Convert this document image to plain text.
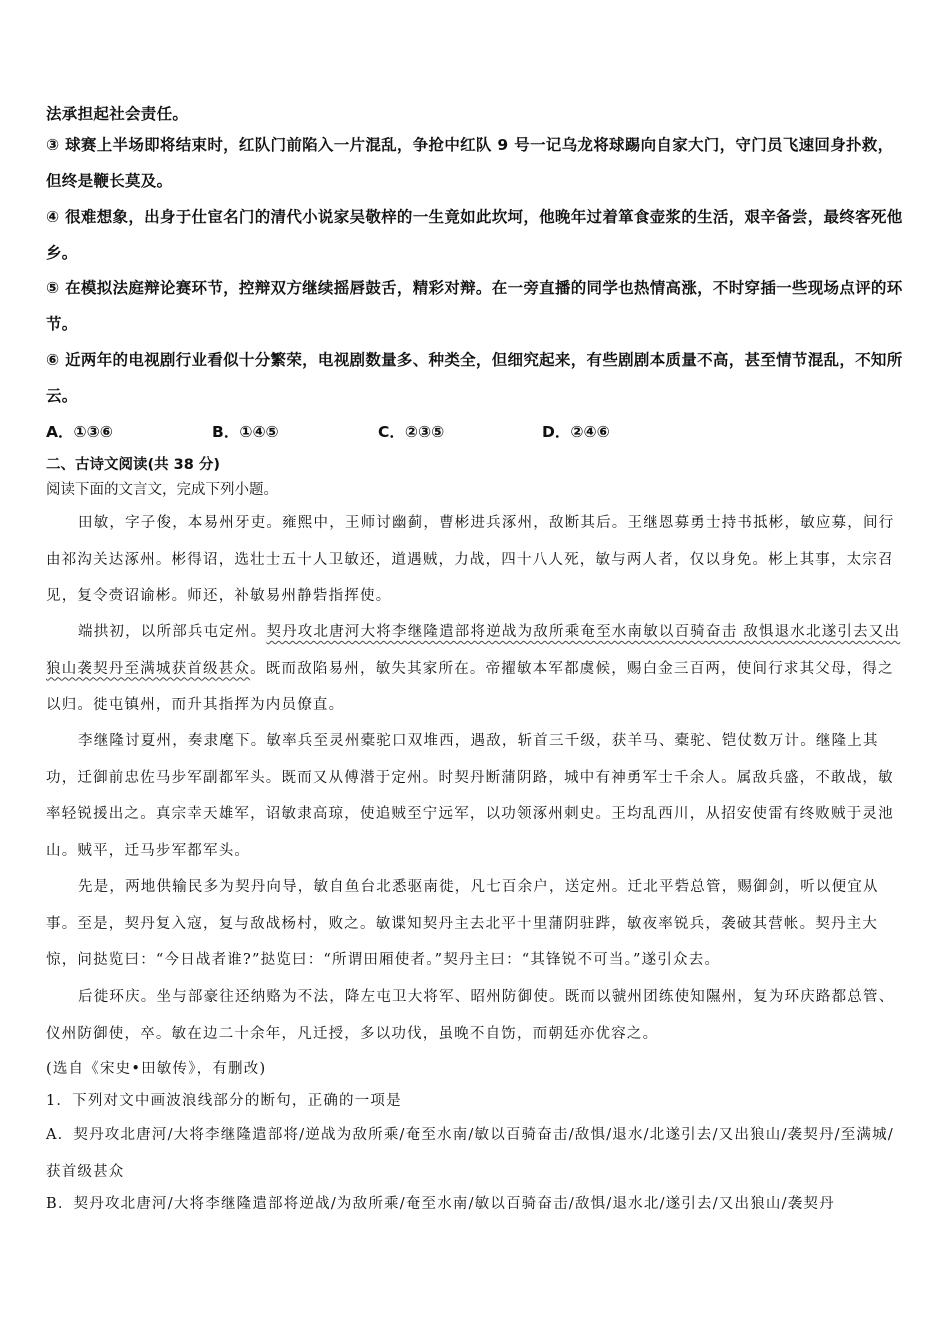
法承担起社会责任。
③ 球赛上半场即将结束时，红队门前陷入一片混乱，争抢中红队 9 号一记乌龙将球踢向自家大门，守门员飞速回身扑救，但终是鞭长莫及。
④ 很难想象，出身于仕宦名门的清代小说家吴敬梓的一生竟如此坎坷，他晚年过着箪食壶浆的生活，艰辛备尝，最终客死他乡。
⑤ 在模拟法庭辩论赛环节，控辩双方继续摇唇鼓舌，精彩对辩。在一旁直播的同学也热情高涨，不时穿插一些现场点评的环节。
⑥ 近两年的电视剧行业看似十分繁荣，电视剧数量多、种类全，但细究起来，有些剧剧本质量不高，甚至情节混乱，不知所云。
A．①③⑥	B．①④⑤	C．②③⑤	D．②④⑥
二、古诗文阅读(共 38 分)
阅读下面的文言文，完成下列小题。
田敏，字子俊，本易州牙吏。雍熙中，王师讨幽蓟，曹彬进兵涿州，敌断其后。王继恩募勇士持书抵彬，敏应募，间行由祁沟关达涿州。彬得诏，选壮士五十人卫敏还，道遇贼，力战，四十八人死，敏与两人者，仅以身免。彬上其事，太宗召见，复令赍诏谕彬。师还，补敏易州静砦指挥使。
端拱初，以所部兵屯定州。契丹攻北唐河大将李继隆遣部将逆战为敌所乘奄至水南敏以百骑奋击 敌惧退水北遂引去又出狼山袭契丹至满城获首级甚众。既而敌陷易州，敏失其家所在。帝擢敏本军都虞候，赐白金三百两，使间行求其父母，得之以归。徙屯镇州，而升其指挥为内员僚直。
李继隆讨夏州，奏隶麾下。敏率兵至灵州橐驼口双堆西，遇敌，斩首三千级，获羊马、橐驼、铠仗数万计。继隆上其功，迁御前忠佐马步军副都军头。既而又从傅潜于定州。时契丹断蒲阴路，城中有神勇军士千余人。属敌兵盛，不敢战，敏率轻锐援出之。真宗幸天雄军，诏敏隶高琼，使追贼至宁远军，以功领涿州刺史。王均乱西川，从招安使雷有终败贼于灵池山。贼平，迁马步军都军头。
先是，两地供输民多为契丹向导，敏自鱼台北悉驱南徙，凡七百余户，送定州。迁北平砦总管，赐御剑，听以便宜从事。至是，契丹复入寇，复与敌战杨村，败之。敏谍知契丹主去北平十里蒲阴驻跸，敏夜率锐兵，袭破其营帐。契丹主大惊，问挞览曰：“今日战者谁?”挞览曰：“所谓田厢使者。”契丹主曰：“其锋锐不可当。”遂引众去。
后徙环庆。坐与部豪往还纳赂为不法，降左屯卫大将军、昭州防御使。既而以虢州团练使知隰州，复为环庆路都总管、仪州防御使，卒。敏在边二十余年，凡迁授，多以功伐，虽晚不自饬，而朝廷亦优容之。
(选自《宋史•田敏传》，有删改)
1．下列对文中画波浪线部分的断句，正确的一项是
A．契丹攻北唐河/大将李继隆遣部将/逆战为敌所乘/奄至水南/敏以百骑奋击/敌惧/退水/北遂引去/又出狼山/袭契丹/至满城/获首级甚众
B．契丹攻北唐河/大将李继隆遣部将逆战/为敌所乘/奄至水南/敏以百骑奋击/敌惧/退水北/遂引去/又出狼山/袭契丹
